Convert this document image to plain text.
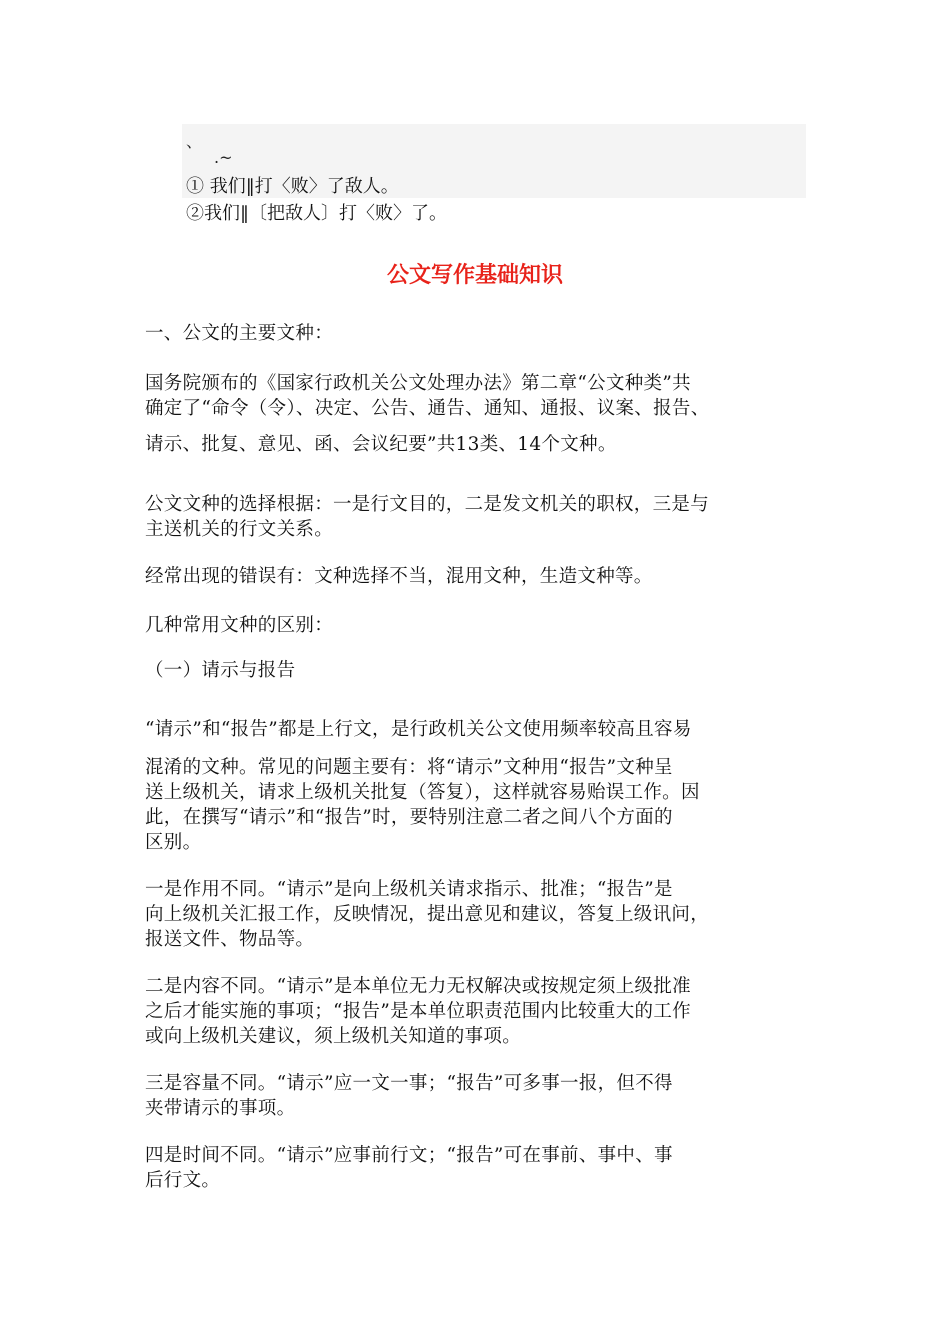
、
.~
① 我们‖打〈败〉了敌人。
②我们‖〔把敌人〕打〈败〉了。
公文写作基础知识

一、公文的主要文种：

国务院颁布的《国家行政机关公文处理办法》第二章“公文种类”共
确定了“命令（令）、决定、公告、通告、通知、通报、议案、报告、

请示、批复、意见、函、会议纪要”共13类、14个文种。

公文文种的选择根据：一是行文目的，二是发文机关的职权，三是与
主送机关的行文关系。

经常出现的错误有：文种选择不当，混用文种，生造文种等。

几种常用文种的区别：

（一）请示与报告

“请示”和“报告”都是上行文，是行政机关公文使用频率较高且容易

混淆的文种。常见的问题主要有：将“请示”文种用“报告”文种呈
送上级机关，请求上级机关批复（答复），这样就容易贻误工作。因
此，在撰写“请示”和“报告”时，要特别注意二者之间八个方面的
区别。

一是作用不同。“请示”是向上级机关请求指示、批准；“报告”是
向上级机关汇报工作，反映情况，提出意见和建议，答复上级讯问，
报送文件、物品等。

二是内容不同。“请示”是本单位无力无权解决或按规定须上级批准
之后才能实施的事项；“报告”是本单位职责范围内比较重大的工作
或向上级机关建议，须上级机关知道的事项。

三是容量不同。“请示”应一文一事；“报告”可多事一报，但不得
夹带请示的事项。

四是时间不同。“请示”应事前行文；“报告”可在事前、事中、事
后行文。
